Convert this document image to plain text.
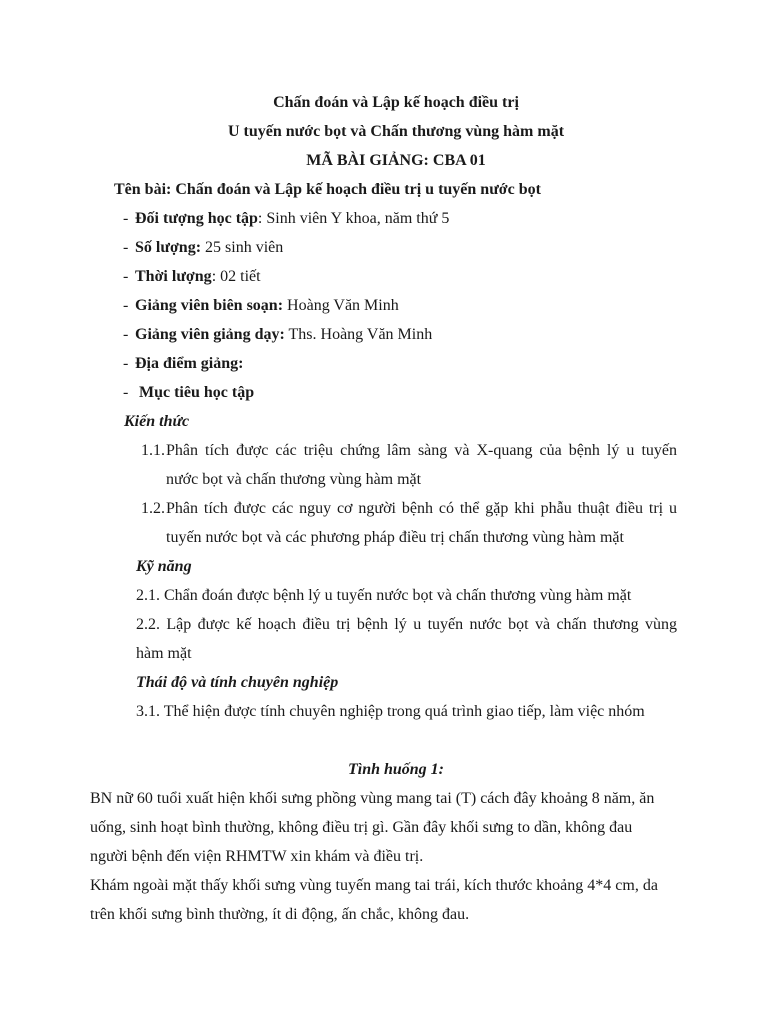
Chấn đoán và Lập kế hoạch điều trị
U tuyến nước bọt và Chấn thương vùng hàm mặt
MÃ BÀI GIẢNG: CBA 01
Tên bài: Chấn đoán và Lập kế hoạch điều trị u tuyến nước bọt
- Đối tượng học tập: Sinh viên Y khoa, năm thứ 5
- Số lượng: 25 sinh viên
- Thời lượng: 02 tiết
- Giảng viên biên soạn: Hoàng Văn Minh
- Giảng viên giảng dạy: Ths. Hoàng Văn Minh
- Địa điểm giảng:
- Mục tiêu học tập
Kiến thức
1.1. Phân tích được các triệu chứng lâm sàng và X-quang của bệnh lý u tuyến
nước bọt và chấn thương vùng hàm mặt
1.2. Phân tích được các nguy cơ người bệnh có thể gặp khi phẫu thuật điều trị u
tuyến nước bọt và các phương pháp điều trị chấn thương vùng hàm mặt
Kỹ năng
2.1. Chẩn đoán được bệnh lý u tuyến nước bọt và chấn thương vùng hàm mặt
2.2. Lập được kế hoạch điều trị bệnh lý u tuyến nước bọt và chấn thương vùng
hàm mặt
Thái độ và tính chuyên nghiệp
3.1. Thể hiện được tính chuyên nghiệp trong quá trình giao tiếp, làm việc nhóm
Tình huống 1:
BN nữ 60 tuổi xuất hiện khối sưng phồng vùng mang tai (T) cách đây khoảng 8 năm, ăn
uống, sinh hoạt bình thường, không điều trị gì. Gần đây khối sưng to dần, không đau
người bệnh đến viện RHMTW xin khám và điều trị.
Khám ngoài mặt thấy khối sưng vùng tuyến mang tai trái, kích thước khoảng 4*4 cm, da
trên khối sưng bình thường, ít di động, ấn chắc, không đau.
